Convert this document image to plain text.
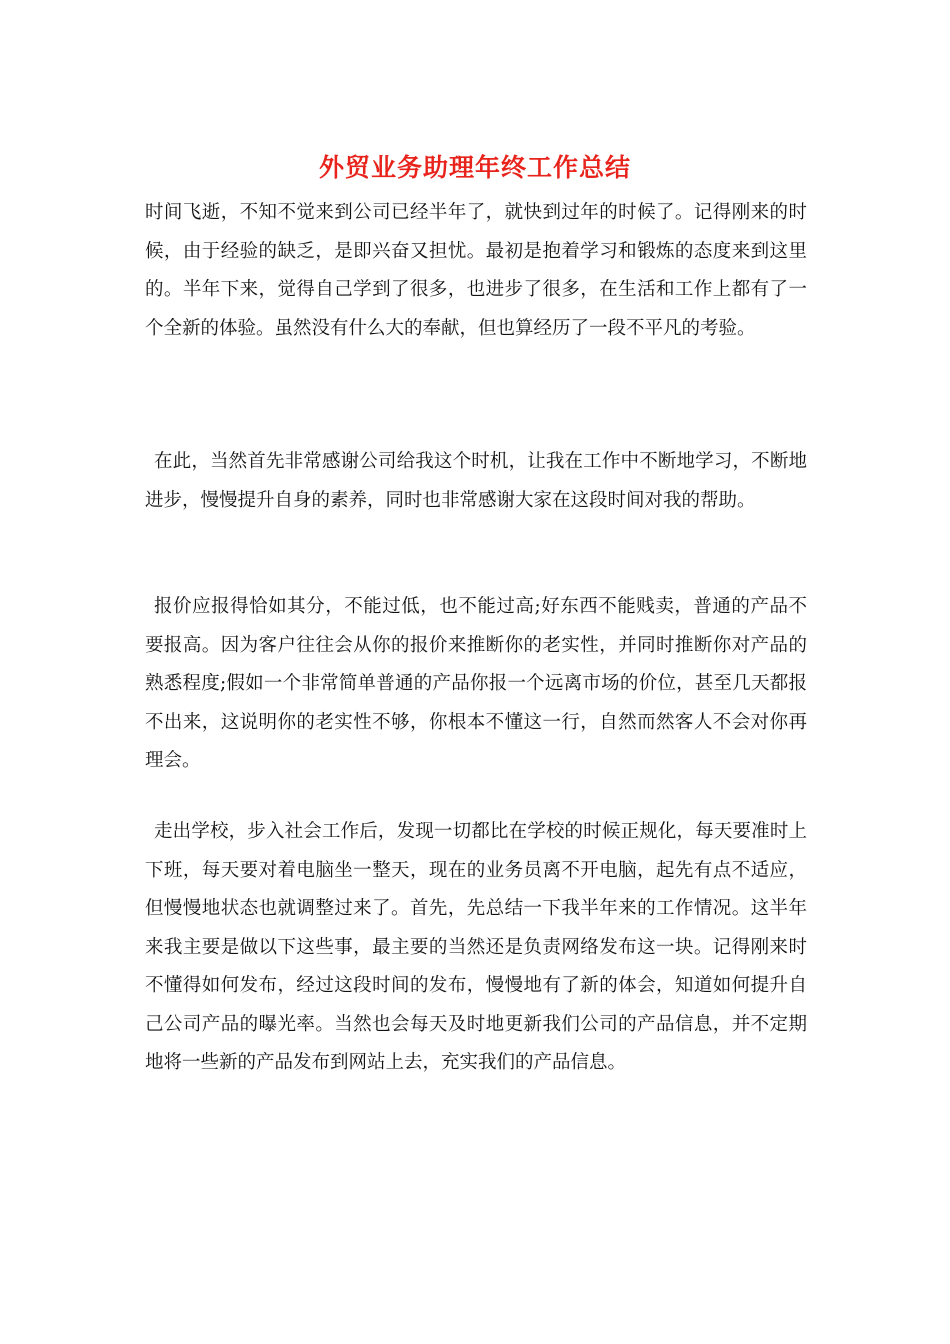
外贸业务助理年终工作总结

时间飞逝，不知不觉来到公司已经半年了，就快到过年的时候了。记得刚来的时候，由于经验的缺乏，是即兴奋又担忧。最初是抱着学习和锻炼的态度来到这里的。半年下来，觉得自己学到了很多，也进步了很多，在生活和工作上都有了一个全新的体验。虽然没有什么大的奉献，但也算经历了一段不平凡的考验。

在此，当然首先非常感谢公司给我这个时机，让我在工作中不断地学习，不断地进步，慢慢提升自身的素养，同时也非常感谢大家在这段时间对我的帮助。

报价应报得恰如其分，不能过低，也不能过高;好东西不能贱卖，普通的产品不要报高。因为客户往往会从你的报价来推断你的老实性，并同时推断你对产品的熟悉程度;假如一个非常简单普通的产品你报一个远离市场的价位，甚至几天都报不出来，这说明你的老实性不够，你根本不懂这一行，自然而然客人不会对你再理会。

走出学校，步入社会工作后，发现一切都比在学校的时候正规化，每天要准时上下班，每天要对着电脑坐一整天，现在的业务员离不开电脑，起先有点不适应，但慢慢地状态也就调整过来了。首先，先总结一下我半年来的工作情况。这半年来我主要是做以下这些事，最主要的当然还是负责网络发布这一块。记得刚来时不懂得如何发布，经过这段时间的发布，慢慢地有了新的体会，知道如何提升自己公司产品的曝光率。当然也会每天及时地更新我们公司的产品信息，并不定期地将一些新的产品发布到网站上去，充实我们的产品信息。
